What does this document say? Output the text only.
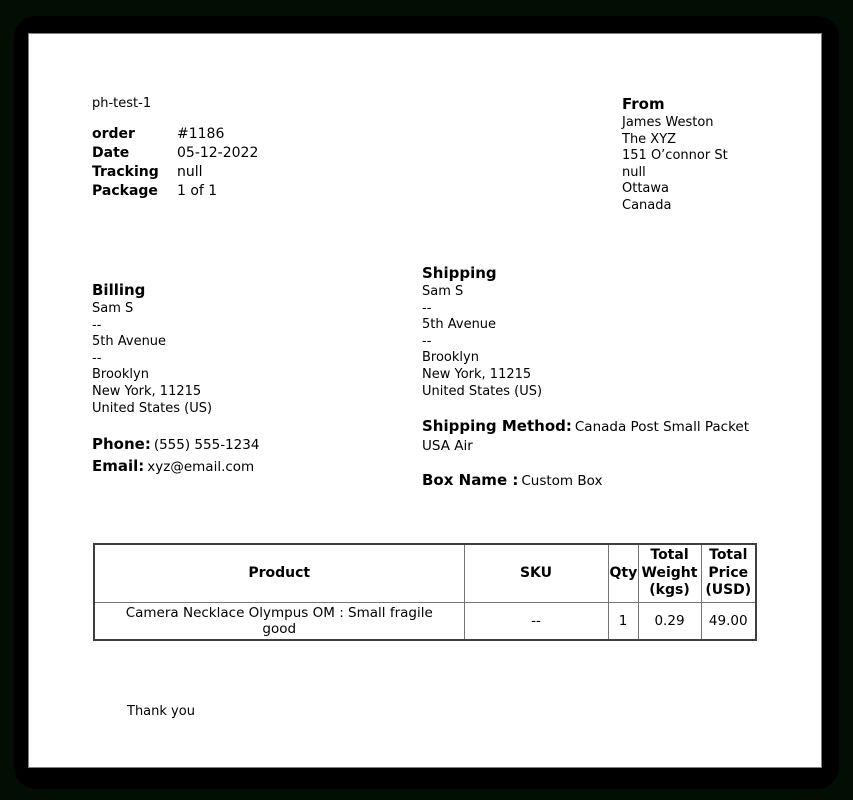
ph-test-1
order	#1186
Date	05-12-2022
Tracking	null
Package	1 of 1
From
James Weston
The XYZ
151 O’connor St
null
Ottawa
Canada
Billing
Sam S
--
5th Avenue
--
Brooklyn
New York, 11215
United States (US)
Phone: (555) 555-1234
Email: xyz@email.com
Shipping
Sam S
--
5th Avenue
--
Brooklyn
New York, 11215
United States (US)
Shipping Method: Canada Post Small Packet USA Air
Box Name : Custom Box
Product	SKU	Qty	Total Weight (kgs)	Total Price (USD)
Camera Necklace Olympus OM : Small fragile good	--	1	0.29	49.00
Thank you
